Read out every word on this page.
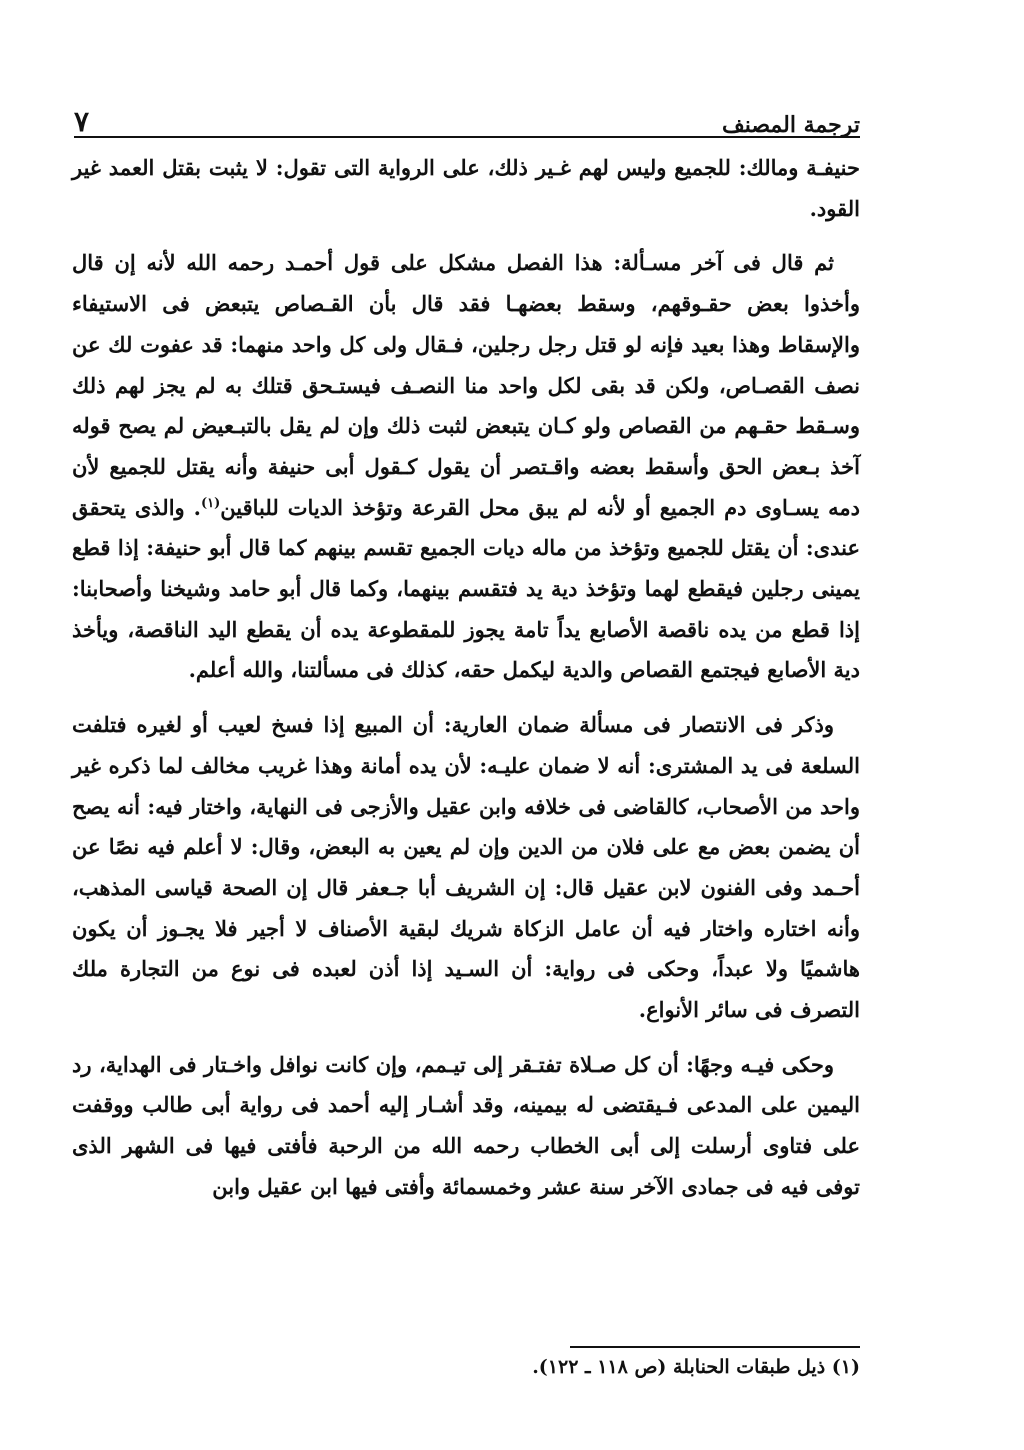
ترجمة المصنف
٧

حنيفـة ومالك: للجميع وليس لهم غـير ذلك، على الرواية التى تقول: لا يثبت بقتل العمد غير القود.

ثم قال فى آخر مسـألة: هذا الفصل مشكل على قول أحمـد رحمه الله لأنه إن قال وأخذوا بعض حقـوقهم، وسقط بعضهـا فقد قال بأن القـصاص يتبعض فى الاستيفاء والإسقاط وهذا بعيد فإنه لو قتل رجل رجلين، فـقال ولى كل واحد منهما: قد عفوت لك عن نصف القصـاص، ولكن قد بقى لكل واحد منا النصـف فيستـحق قتلك به لم يجز لهم ذلك وسـقط حقـهم من القصاص ولو كـان يتبعض لثبت ذلك وإن لم يقل بالتبـعيض لم يصح قوله آخذ بـعض الحق وأسقط بعضه واقـتصر أن يقول كـقول أبى حنيفة وأنه يقتل للجميع لأن دمه يسـاوى دم الجميع أو لأنه لم يبق محل القرعة وتؤخذ الديات للباقين$^{(١)}$. والذى يتحقق عندى: أن يقتل للجميع وتؤخذ من ماله ديات الجميع تقسم بينهم كما قال أبو حنيفة: إذا قطع يمينى رجلين فيقطع لهما وتؤخذ دية يد فتقسم بينهما، وكما قال أبو حامد وشيخنا وأصحابنا: إذا قطع من يده ناقصة الأصابع يداً تامة يجوز للمقطوعة يده أن يقطع اليد الناقصة، ويأخذ دية الأصابع فيجتمع القصاص والدية ليكمل حقه، كذلك فى مسألتنا، والله أعلم.

وذكر فى الانتصار فى مسألة ضمان العارية: أن المبيع إذا فسخ لعيب أو لغيره فتلفت السلعة فى يد المشترى: أنه لا ضمان عليـه: لأن يده أمانة وهذا غريب مخالف لما ذكره غير واحد من الأصحاب، كالقاضى فى خلافه وابن عقيل والأزجى فى النهاية، واختار فيه: أنه يصح أن يضمن بعض مع على فلان من الدين وإن لم يعين به البعض، وقال: لا أعلم فيه نصًا عن أحـمد وفى الفنون لابن عقيل قال: إن الشريف أبا جـعفر قال إن الصحة قياسى المذهب، وأنه اختاره واختار فيه أن عامل الزكاة شريك لبقية الأصناف لا أجير فلا يجـوز أن يكون هاشميًا ولا عبداً، وحكى فى رواية: أن السـيد إذا أذن لعبده فى نوع من التجارة ملك التصرف فى سائر الأنواع.

وحكى فيـه وجهًا: أن كل صـلاة تفتـقر إلى تيـمم، وإن كانت نوافل واخـتار فى الهداية، رد اليمين على المدعى فـيقتضى له بيمينه، وقد أشـار إليه أحمد فى رواية أبى طالب ووقفت على فتاوى أرسلت إلى أبى الخطاب رحمه الله من الرحبة فأفتى فيها فى الشهر الذى توفى فيه فى جمادى الآخر سنة عشر وخمسمائة وأفتى فيها ابن عقيل وابن

(١) ذيل طبقات الحنابلة (ص ١١٨ ـ ١٢٢).
